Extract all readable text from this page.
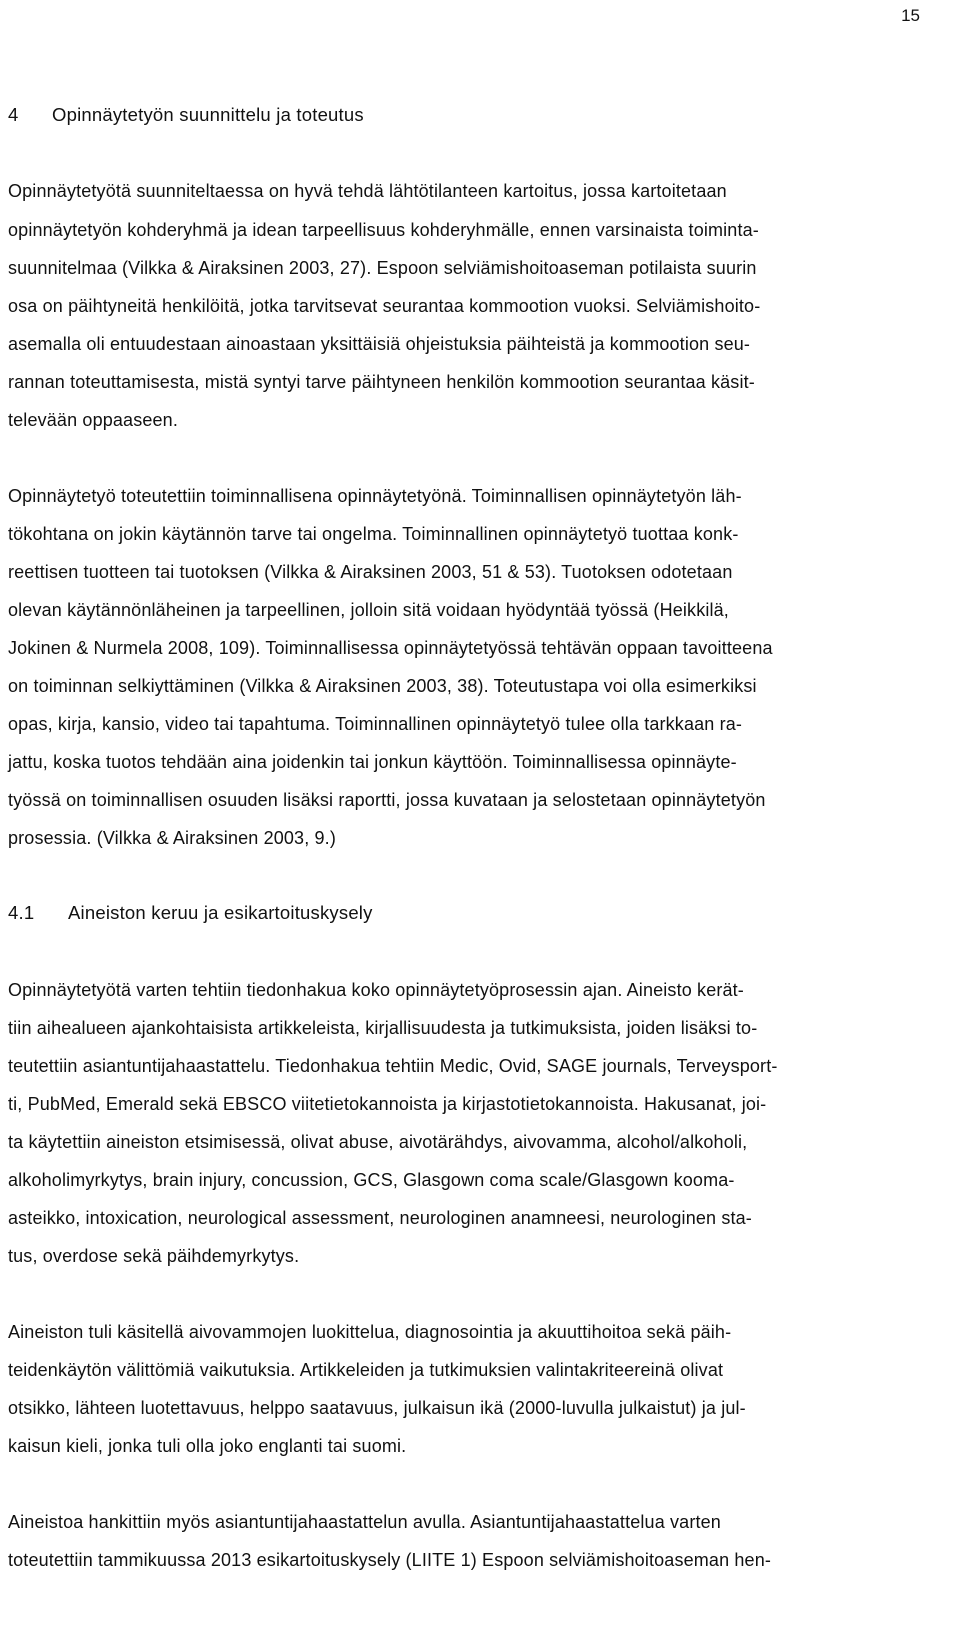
15
4 Opinnäytetyön suunnittelu ja toteutus
Opinnäytetyötä suunniteltaessa on hyvä tehdä lähtötilanteen kartoitus, jossa kartoitetaan
opinnäytetyön kohderyhmä ja idean tarpeellisuus kohderyhmälle, ennen varsinaista toiminta-
suunnitelmaa (Vilkka & Airaksinen 2003, 27). Espoon selviämishoitoaseman potilaista suurin
osa on päihtyneitä henkilöitä, jotka tarvitsevat seurantaa kommootion vuoksi. Selviämishoito-
asemalla oli entuudestaan ainoastaan yksittäisiä ohjeistuksia päihteistä ja kommootion seu-
rannan toteuttamisesta, mistä syntyi tarve päihtyneen henkilön kommootion seurantaa käsit-
televään oppaaseen.
Opinnäytetyö toteutettiin toiminnallisena opinnäytetyönä. Toiminnallisen opinnäytetyön läh-
tökohtana on jokin käytännön tarve tai ongelma. Toiminnallinen opinnäytetyö tuottaa konk-
reettisen tuotteen tai tuotoksen (Vilkka & Airaksinen 2003, 51 & 53). Tuotoksen odotetaan
olevan käytännönläheinen ja tarpeellinen, jolloin sitä voidaan hyödyntää työssä (Heikkilä,
Jokinen & Nurmela 2008, 109). Toiminnallisessa opinnäytetyössä tehtävän oppaan tavoitteena
on toiminnan selkiyttäminen (Vilkka & Airaksinen 2003, 38). Toteutustapa voi olla esimerkiksi
opas, kirja, kansio, video tai tapahtuma. Toiminnallinen opinnäytetyö tulee olla tarkkaan ra-
jattu, koska tuotos tehdään aina joidenkin tai jonkun käyttöön. Toiminnallisessa opinnäyte-
työssä on toiminnallisen osuuden lisäksi raportti, jossa kuvataan ja selostetaan opinnäytetyön
prosessia. (Vilkka & Airaksinen 2003, 9.)
4.1 Aineiston keruu ja esikartoituskysely
Opinnäytetyötä varten tehtiin tiedonhakua koko opinnäytetyöprosessin ajan. Aineisto kerät-
tiin aihealueen ajankohtaisista artikkeleista, kirjallisuudesta ja tutkimuksista, joiden lisäksi to-
teutettiin asiantuntijahaastattelu. Tiedonhakua tehtiin Medic, Ovid, SAGE journals, Terveysport-
ti, PubMed, Emerald sekä EBSCO viitetietokannoista ja kirjastotietokannoista. Hakusanat, joi-
ta käytettiin aineiston etsimisessä, olivat abuse, aivotärähdys, aivovamma, alcohol/alkoholi,
alkoholimyrkytys, brain injury, concussion, GCS, Glasgown coma scale/Glasgown kooma-
asteikko, intoxication, neurological assessment, neurologinen anamneesi, neurologinen sta-
tus, overdose sekä päihdemyrkytys.
Aineiston tuli käsitellä aivovammojen luokittelua, diagnosointia ja akuuttihoitoa sekä päih-
teidenkäytön välittömiä vaikutuksia. Artikkeleiden ja tutkimuksien valintakriteereinä olivat
otsikko, lähteen luotettavuus, helppo saatavuus, julkaisun ikä (2000-luvulla julkaistut) ja jul-
kaisun kieli, jonka tuli olla joko englanti tai suomi.
Aineistoa hankittiin myös asiantuntijahaastattelun avulla. Asiantuntijahaastattelua varten
toteutettiin tammikuussa 2013 esikartoituskysely (LIITE 1) Espoon selviämishoitoaseman hen-
